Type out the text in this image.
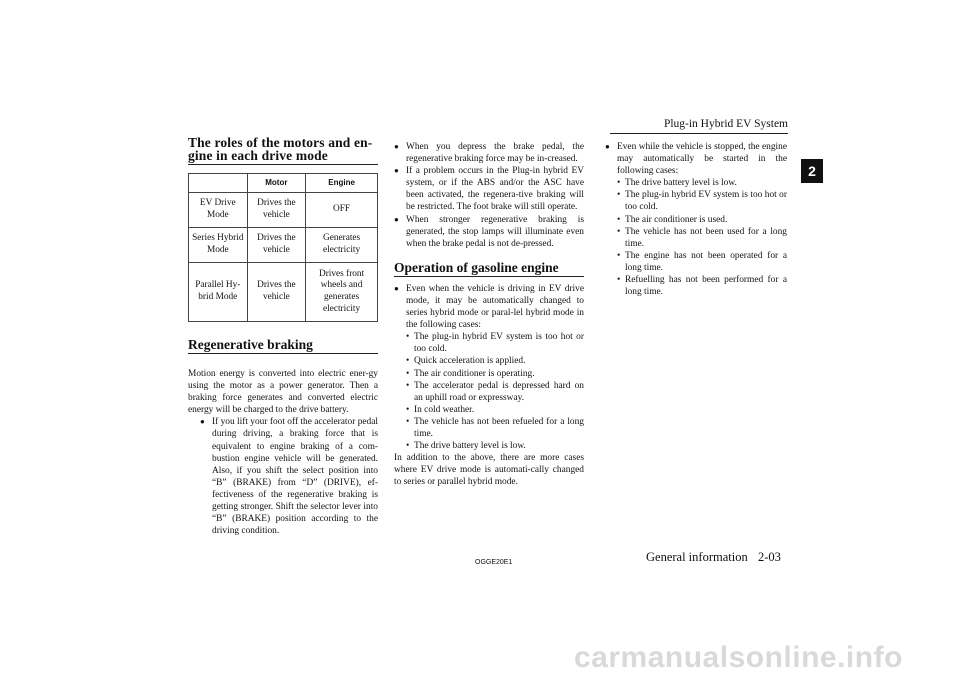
Plug-in Hybrid EV System
2
The roles of the motors and en-gine in each drive mode
	Motor	Engine
EV Drive Mode	Drives the vehicle	OFF
Series Hybrid Mode	Drives the vehicle	Generates electricity
Parallel Hy-brid Mode	Drives the vehicle	Drives front wheels and generates electricity
Regenerative braking

Motion energy is converted into electric ener-gy using the motor as a power generator. Then a braking force generates and converted electric energy will be charged to the drive battery.

● If you lift your foot off the accelerator pedal during driving, a braking force that is equivalent to engine braking of a com-bustion engine vehicle will be generated. Also, if you shift the select position into “B” (BRAKE) from “D” (DRIVE), ef-fectiveness of the regenerative braking is getting stronger. Shift the selector lever into “B” (BRAKE) position according to the driving condition.
● When you depress the brake pedal, the regenerative braking force may be in-creased.
● If a problem occurs in the Plug-in hybrid EV system, or if the ABS and/or the ASC have been activated, the regenera-tive braking will be restricted. The foot brake will still operate.
● When stronger regenerative braking is generated, the stop lamps will illuminate even when the brake pedal is not de-pressed.
Operation of gasoline engine
● Even when the vehicle is driving in EV drive mode, it may be automatically changed to series hybrid mode or paral-lel hybrid mode in the following cases:
• The plug-in hybrid EV system is too hot or too cold.
• Quick acceleration is applied.
• The air conditioner is operating.
• The accelerator pedal is depressed hard on an uphill road or expressway.
• In cold weather.
• The vehicle has not been refueled for a long time.
• The drive battery level is low.

In addition to the above, there are more cases where EV drive mode is automati-cally changed to series or parallel hybrid mode.

● Even while the vehicle is stopped, the engine may automatically be started in the following cases:
• The drive battery level is low.
• The plug-in hybrid EV system is too hot or too cold.
• The air conditioner is used.
• The vehicle has not been used for a long time.
• The engine has not been operated for a long time.
• Refuelling has not been performed for a long time.
OGGE20E1	General information 2-03
carmanualsonline.info
